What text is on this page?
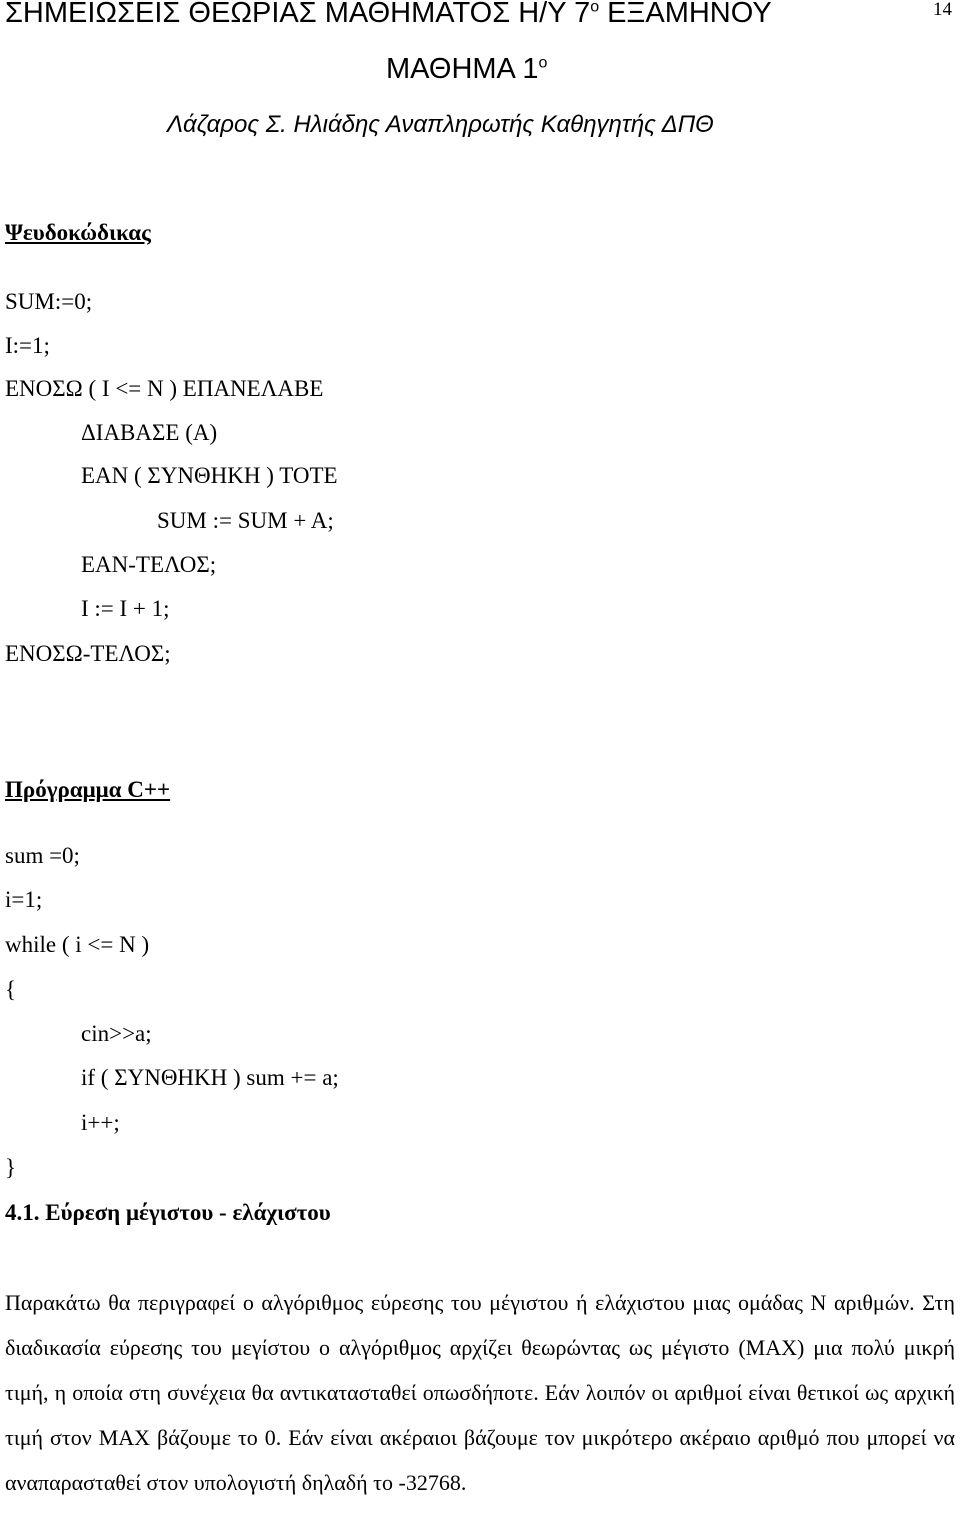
ΣΗΜΕΙΩΣΕΙΣ ΘΕΩΡΙΑΣ ΜΑΘΗΜΑΤΟΣ Η/Υ $7^o$ ΕΞΑΜΗΝΟΥ	14
ΜΑΘΗΜΑ $1^o$
Λάζαρος Σ. Ηλιάδης Αναπληρωτής Καθηγητής ΔΠΘ
Ψευδοκώδικας
SUM:=0;
I:=1;
ΕΝΟΣΩ ( I <= N ) ΕΠΑΝΕΛΑΒΕ
ΔΙΑΒΑΣΕ (A)
ΕΑΝ ( ΣΥΝΘΗΚΗ ) ΤΟΤΕ
SUM := SUM + A;
ΕΑΝ-ΤΕΛΟΣ;
I := I + 1;
ΕΝΟΣΩ-ΤΕΛΟΣ;
Πρόγραμμα C++
sum =0;
i=1;
while ( i <= N )
{
cin>>a;
if ( ΣΥΝΘΗΚΗ ) sum += a;
i++;
}
4.1. Εύρεση μέγιστου - ελάχιστου
Παρακάτω θα περιγραφεί ο αλγόριθμος εύρεσης του μέγιστου ή ελάχιστου μιας ομάδας Ν αριθμών. Στη διαδικασία εύρεσης του μεγίστου ο αλγόριθμος αρχίζει θεωρώντας ως μέγιστο (MAX) μια πολύ μικρή τιμή, η οποία στη συνέχεια θα αντικατασταθεί οπωσδήποτε. Εάν λοιπόν οι αριθμοί είναι θετικοί ως αρχική τιμή στον MAX βάζουμε το 0. Εάν είναι ακέραιοι βάζουμε τον μικρότερο ακέραιο αριθμό που μπορεί να αναπαρασταθεί στον υπολογιστή δηλαδή το -32768.
